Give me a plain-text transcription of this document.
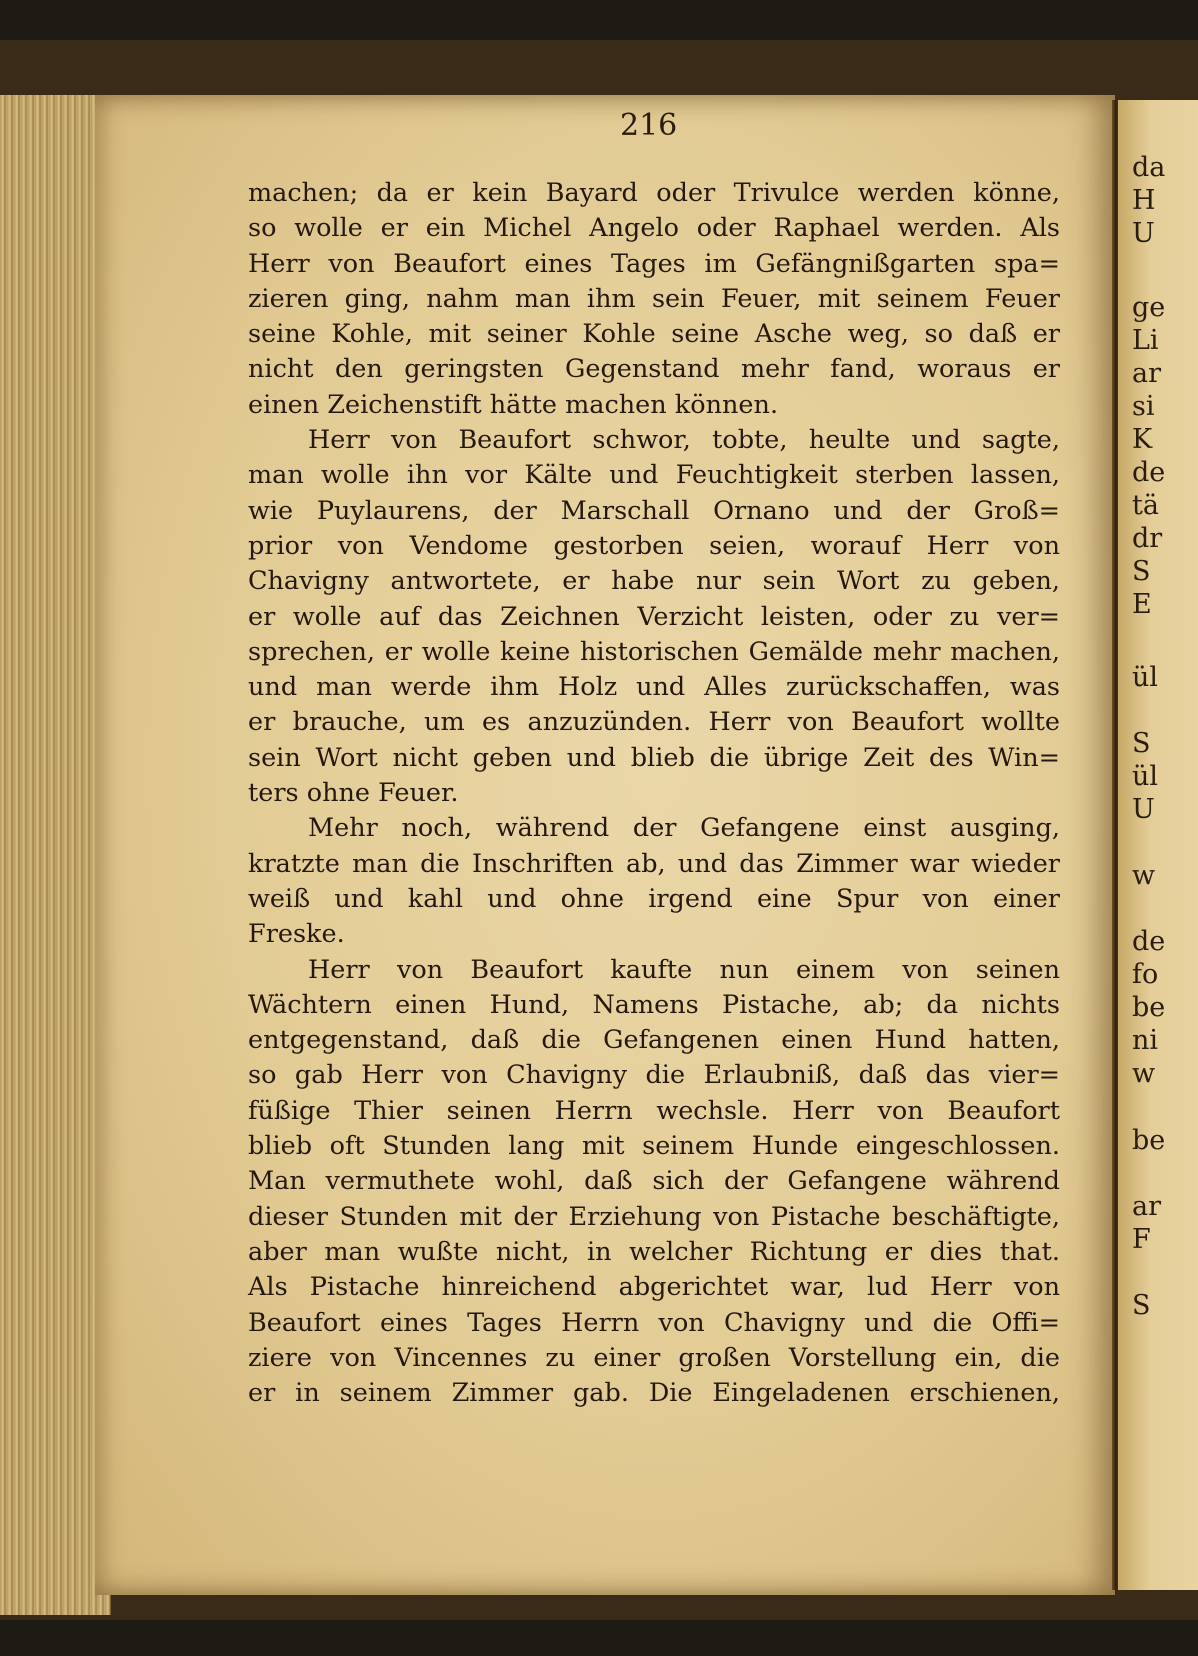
da

H

U

ge

Li

ar

si

K

de

tä

dr

S

E

ül

S

ül

U

w

de

fo

be

ni

w

be

ar

F

S

216

machen; da er kein Bayard oder Trivulce werden könne,

so wolle er ein Michel Angelo oder Raphael werden. Als

Herr von Beaufort eines Tages im Gefängnißgarten spa=

zieren ging, nahm man ihm sein Feuer, mit seinem Feuer

seine Kohle, mit seiner Kohle seine Asche weg, so daß er

nicht den geringsten Gegenstand mehr fand, woraus er

einen Zeichenstift hätte machen können.

Herr von Beaufort schwor, tobte, heulte und sagte,

man wolle ihn vor Kälte und Feuchtigkeit sterben lassen,

wie Puylaurens, der Marschall Ornano und der Groß=

prior von Vendome gestorben seien, worauf Herr von

Chavigny antwortete, er habe nur sein Wort zu geben,

er wolle auf das Zeichnen Verzicht leisten, oder zu ver=

sprechen, er wolle keine historischen Gemälde mehr machen,

und man werde ihm Holz und Alles zurückschaffen, was

er brauche, um es anzuzünden. Herr von Beaufort wollte

sein Wort nicht geben und blieb die übrige Zeit des Win=

ters ohne Feuer.

Mehr noch, während der Gefangene einst ausging,

kratzte man die Inschriften ab, und das Zimmer war wieder

weiß und kahl und ohne irgend eine Spur von einer

Freske.

Herr von Beaufort kaufte nun einem von seinen

Wächtern einen Hund, Namens Pistache, ab; da nichts

entgegenstand, daß die Gefangenen einen Hund hatten,

so gab Herr von Chavigny die Erlaubniß, daß das vier=

füßige Thier seinen Herrn wechsle. Herr von Beaufort

blieb oft Stunden lang mit seinem Hunde eingeschlossen.

Man vermuthete wohl, daß sich der Gefangene während

dieser Stunden mit der Erziehung von Pistache beschäftigte,

aber man wußte nicht, in welcher Richtung er dies that.

Als Pistache hinreichend abgerichtet war, lud Herr von

Beaufort eines Tages Herrn von Chavigny und die Offi=

ziere von Vincennes zu einer großen Vorstellung ein, die

er in seinem Zimmer gab. Die Eingeladenen erschienen,
